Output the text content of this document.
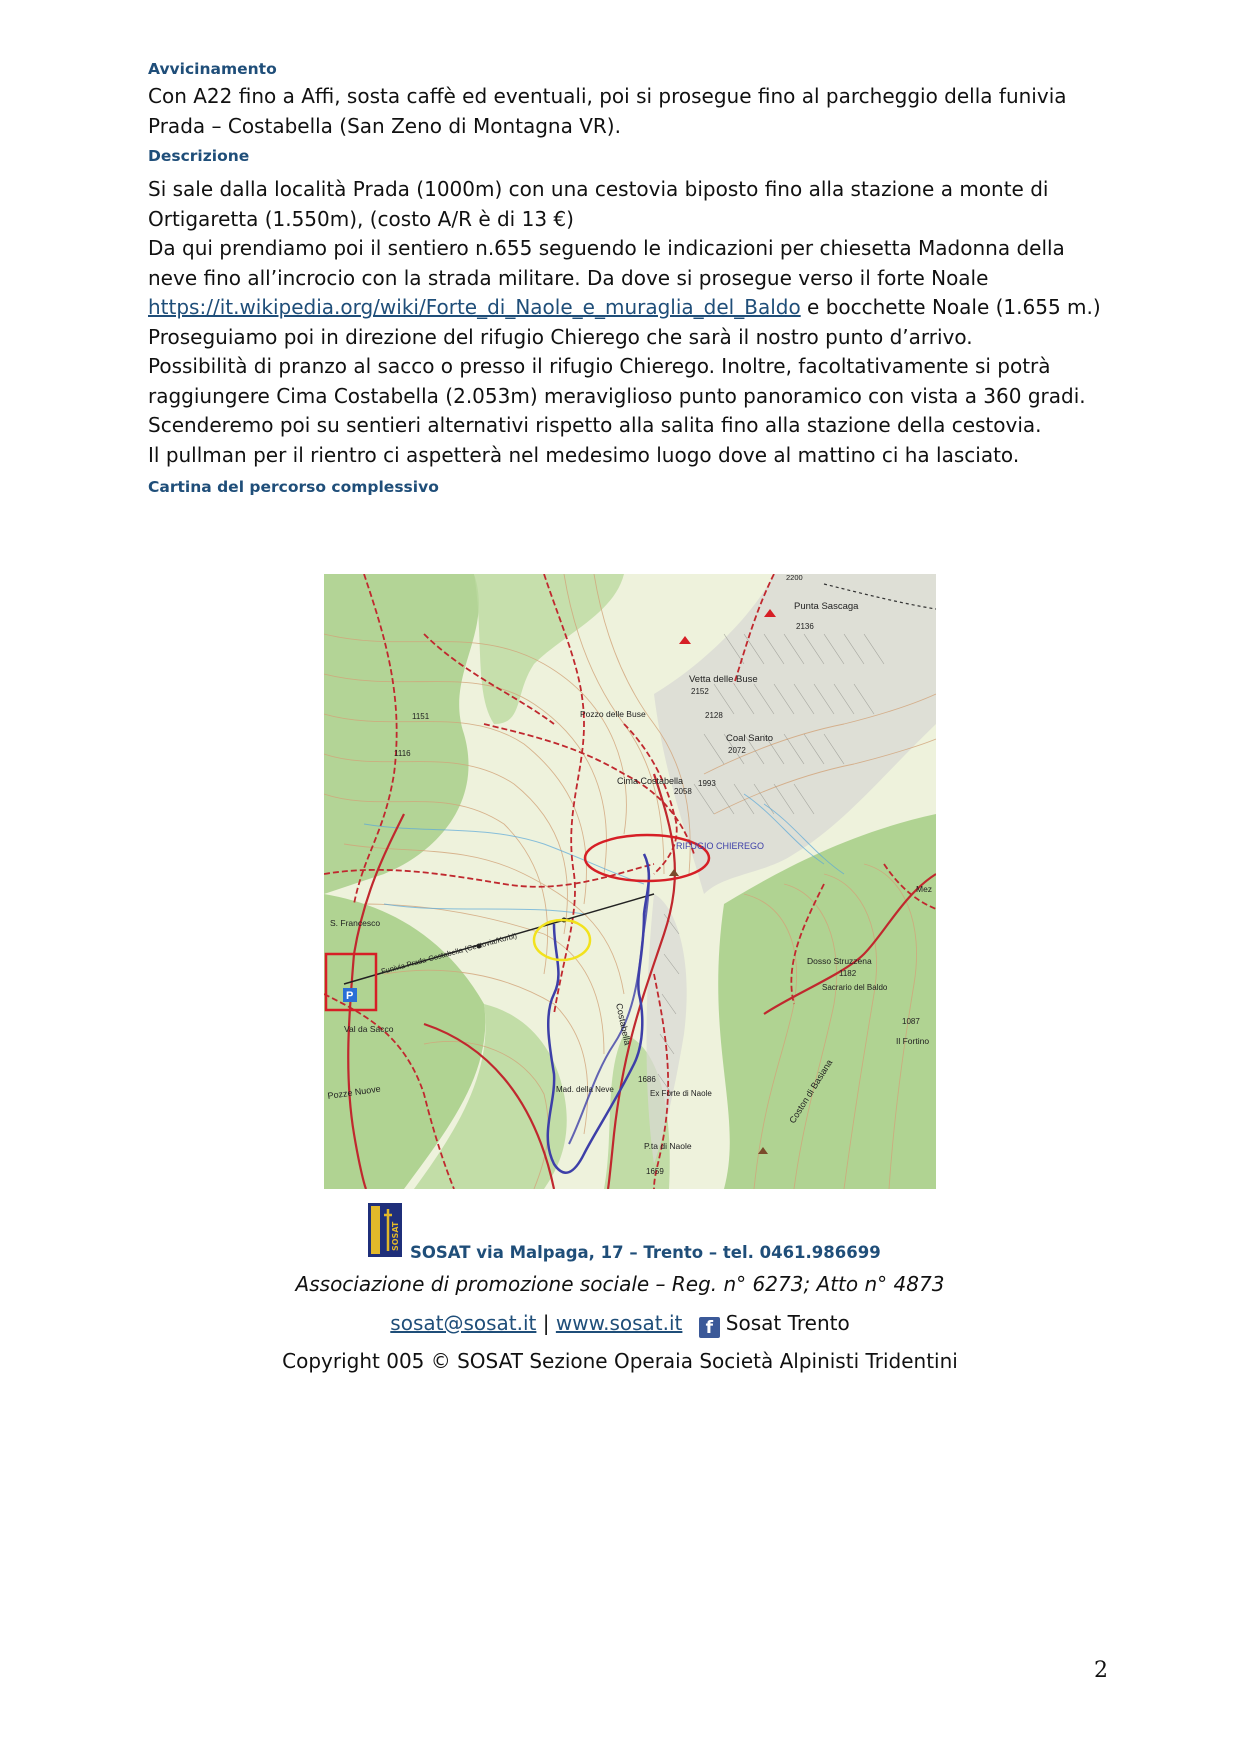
Avvicinamento

Con A22 fino a Affi, sosta caffè ed eventuali, poi si prosegue fino al parcheggio della funivia Prada – Costabella (San Zeno di Montagna VR).

Descrizione

Si sale dalla località Prada (1000m) con una cestovia biposto fino alla stazione a monte di Ortigaretta (1.550m), (costo A/R è di 13 €)

Da qui prendiamo poi il sentiero n.655 seguendo le indicazioni per chiesetta Madonna della neve fino all’incrocio con la strada militare. Da dove si prosegue verso il forte Noale

https://it.wikipedia.org/wiki/Forte_di_Naole_e_muraglia_del_Baldo e bocchette Noale (1.655 m.)

Proseguiamo poi in direzione del rifugio Chierego che sarà il nostro punto d’arrivo.

Possibilità di pranzo al sacco o presso il rifugio Chierego. Inoltre, facoltativamente si potrà raggiungere Cima Costabella (2.053m) meraviglioso punto panoramico con vista a 360 gradi.

Scenderemo poi su sentieri alternativi rispetto alla salita fino alla stazione della cestovia.

Il pullman per il rientro ci aspetterà nel medesimo luogo dove al mattino ci ha lasciato.

Cartina del percorso complessivo

P
Punta Sascaga
2136
Vetta delle Buse
2152
Pozzo delle Buse	2128
Coal Santo
2072
Cima Costabella
2058
1993
1151
1116
RIFUGIO CHIEREGO
S. Francesco
Funivia Prada-Costabella (Cestovia/Korbl)
Val da Sacco
Pozze Nuove
Dosso Struzzena
1182
Sacrario del Baldo
1087
Il Fortino
Costabella
Coston di Basiana
Mad. della Neve
1686
Ex Forte di Naole
P.ta di Naole
1659
Mez
2200
SOSAT
SOSAT via Malpaga, 17 – Trento – tel. 0461.986699
Associazione di promozione sociale – Reg. n° 6273; Atto n° 4873
sosat@sosat.it | www.sosat.it f Sosat Trento
Copyright 005 © SOSAT Sezione Operaia Società Alpinisti Tridentini
2
